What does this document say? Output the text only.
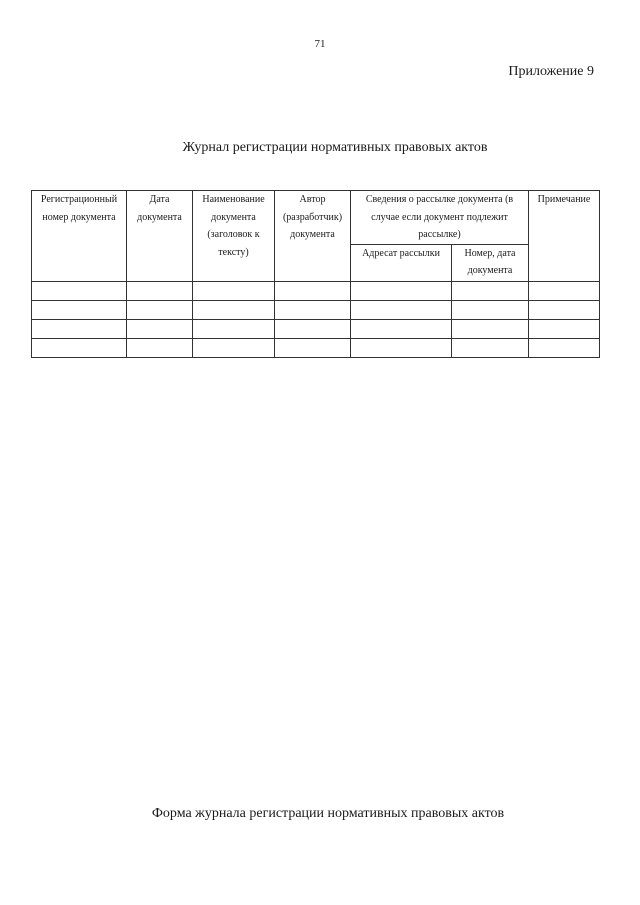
71
Приложение 9
Журнал регистрации нормативных правовых актов
Регистрационный номер документа	Дата документа	Наименование документа (заголовок к тексту)	Автор (разработчик) документа	Сведения о рассылке документа (в случае если документ подлежит рассылке)		Примечание
				Адресат рассылки	Номер, дата документа	

Форма журнала регистрации нормативных правовых актов
